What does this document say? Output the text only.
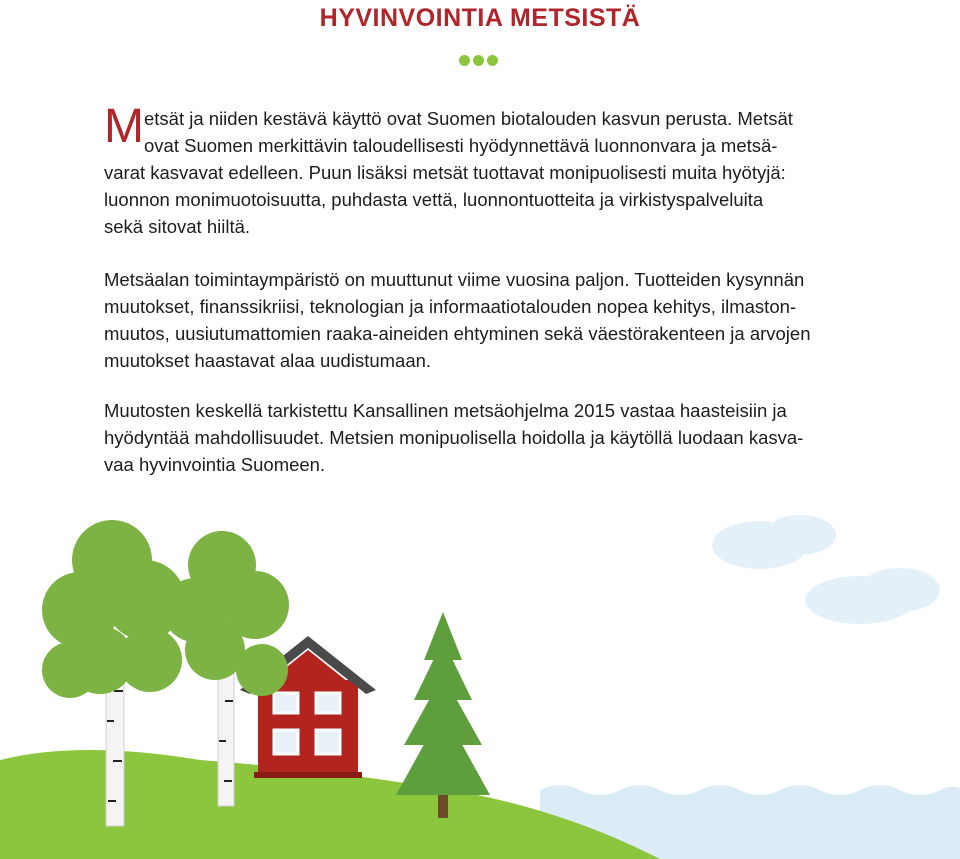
HYVINVOINTIA METSISTÄ
M etsät ja niiden kestävä käyttö ovat Suomen biotalouden kasvun perusta. Metsät
ovat Suomen merkittävin taloudellisesti hyödynnettävä luonnonvara ja metsä-
varat kasvavat edelleen. Puun lisäksi metsät tuottavat monipuolisesti muita hyötyjä:
luonnon monimuotoisuutta, puhdasta vettä, luonnontuotteita ja virkistyspalveluita
sekä sitovat hiiltä.

Metsäalan toimintaympäristö on muuttunut viime vuosina paljon. Tuotteiden kysynnän
muutokset, finanssikriisi, teknologian ja informaatiotalouden nopea kehitys, ilmaston-
muutos, uusiutumattomien raaka-aineiden ehtyminen sekä väestörakenteen ja arvojen
muutokset haastavat alaa uudistumaan.

Muutosten keskellä tarkistettu Kansallinen metsäohjelma 2015 vastaa haasteisiin ja
hyödyntää mahdollisuudet. Metsien monipuolisella hoidolla ja käytöllä luodaan kasva-
vaa hyvinvointia Suomeen.
